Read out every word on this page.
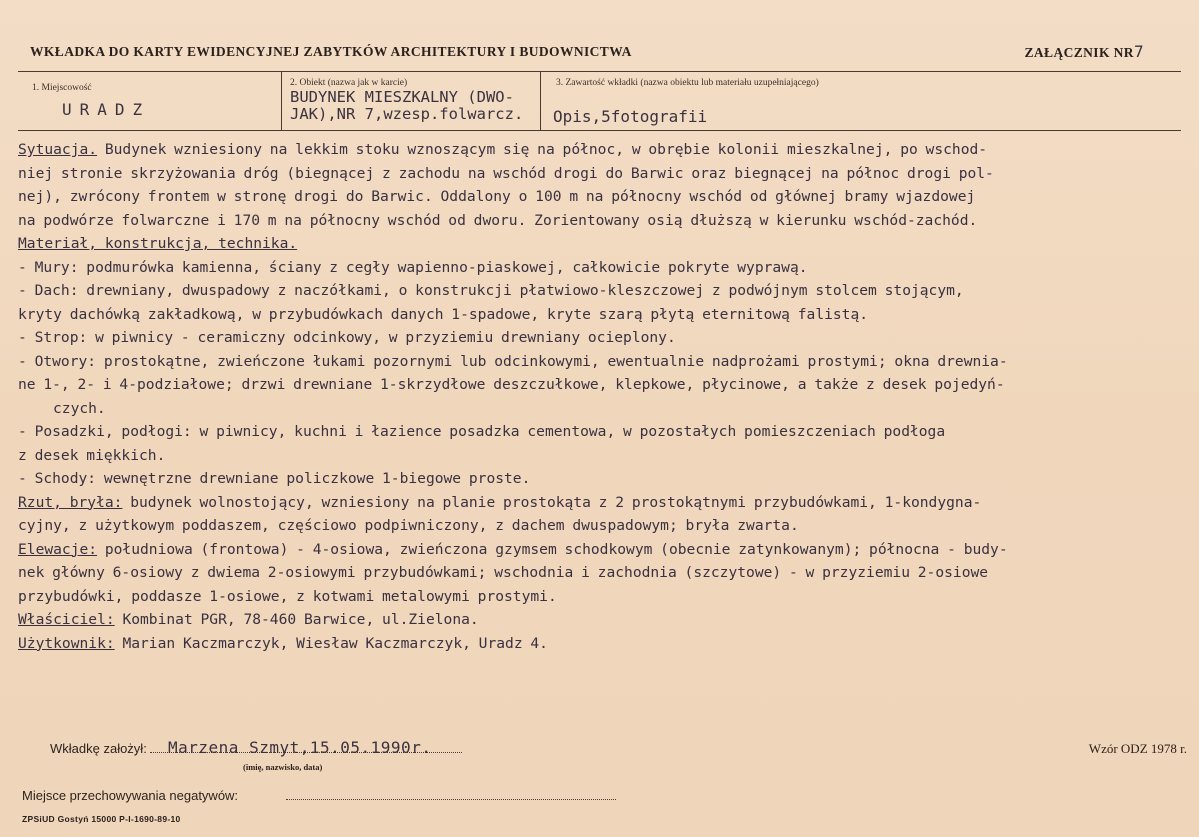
WKŁADKA DO KARTY EWIDENCYJNEJ ZABYTKÓW ARCHITEKTURY I BUDOWNICTWA	ZAŁĄCZNIK NR7
1. Miejscowość
URADZ
2. Obiekt (nazwa jak w karcie)
BUDYNEK MIESZKALNY (DWO-
JAK),NR 7,wzesp.folwarcz.
3. Zawartość wkładki (nazwa obiektu lub materiału uzupełniającego)
Opis,5fotografii
Sytuacja. Budynek wzniesiony na lekkim stoku wznoszącym się na północ, w obrębie kolonii mieszkalnej, po wschod-
niej stronie skrzyżowania dróg (biegnącej z zachodu na wschód drogi do Barwic oraz biegnącej na północ drogi pol-
nej), zwrócony frontem w stronę drogi do Barwic. Oddalony o 100 m na północny wschód od głównej bramy wjazdowej
na podwórze folwarczne i 170 m na północny wschód od dworu. Zorientowany osią dłuższą w kierunku wschód-zachód.
Materiał, konstrukcja, technika.
- Mury: podmurówka kamienna, ściany z cegły wapienno-piaskowej, całkowicie pokryte wyprawą.
- Dach: drewniany, dwuspadowy z naczółkami, o konstrukcji płatwiowo-kleszczowej z podwójnym stolcem stojącym,
kryty dachówką zakładkową, w przybudówkach danych 1-spadowe, kryte szarą płytą eternitową falistą.
- Strop: w piwnicy - ceramiczny odcinkowy, w przyziemiu drewniany ocieplony.
- Otwory: prostokątne, zwieńczone łukami pozornymi lub odcinkowymi, ewentualnie nadprożami prostymi; okna drewnia-
ne 1-, 2- i 4-podziałowe; drzwi drewniane 1-skrzydłowe deszczułkowe, klepkowe, płycinowe, a także z desek pojedyń-
czych.
- Posadzki, podłogi: w piwnicy, kuchni i łazience posadzka cementowa, w pozostałych pomieszczeniach podłoga
z desek miękkich.
- Schody: wewnętrzne drewniane policzkowe 1-biegowe proste.
Rzut, bryła: budynek wolnostojący, wzniesiony na planie prostokąta z 2 prostokątnymi przybudówkami, 1-kondygna-
cyjny, z użytkowym poddaszem, częściowo podpiwniczony, z dachem dwuspadowym; bryła zwarta.
Elewacje: południowa (frontowa) - 4-osiowa, zwieńczona gzymsem schodkowym (obecnie zatynkowanym); północna - budy-
nek główny 6-osiowy z dwiema 2-osiowymi przybudówkami; wschodnia i zachodnia (szczytowe) - w przyziemiu 2-osiowe
przybudówki, poddasze 1-osiowe, z kotwami metalowymi prostymi.
Właściciel: Kombinat PGR, 78-460 Barwice, ul.Zielona.
Użytkownik: Marian Kaczmarczyk, Wiesław Kaczmarczyk, Uradz 4.
Wkładkę założył: Marzena Szmyt,15.05.1990r.
(imię, nazwisko, data)
Wzór ODZ 1978 r.
Miejsce przechowywania negatywów:
ZPSiUD Gostyń 15000 P-I-1690-89-10
